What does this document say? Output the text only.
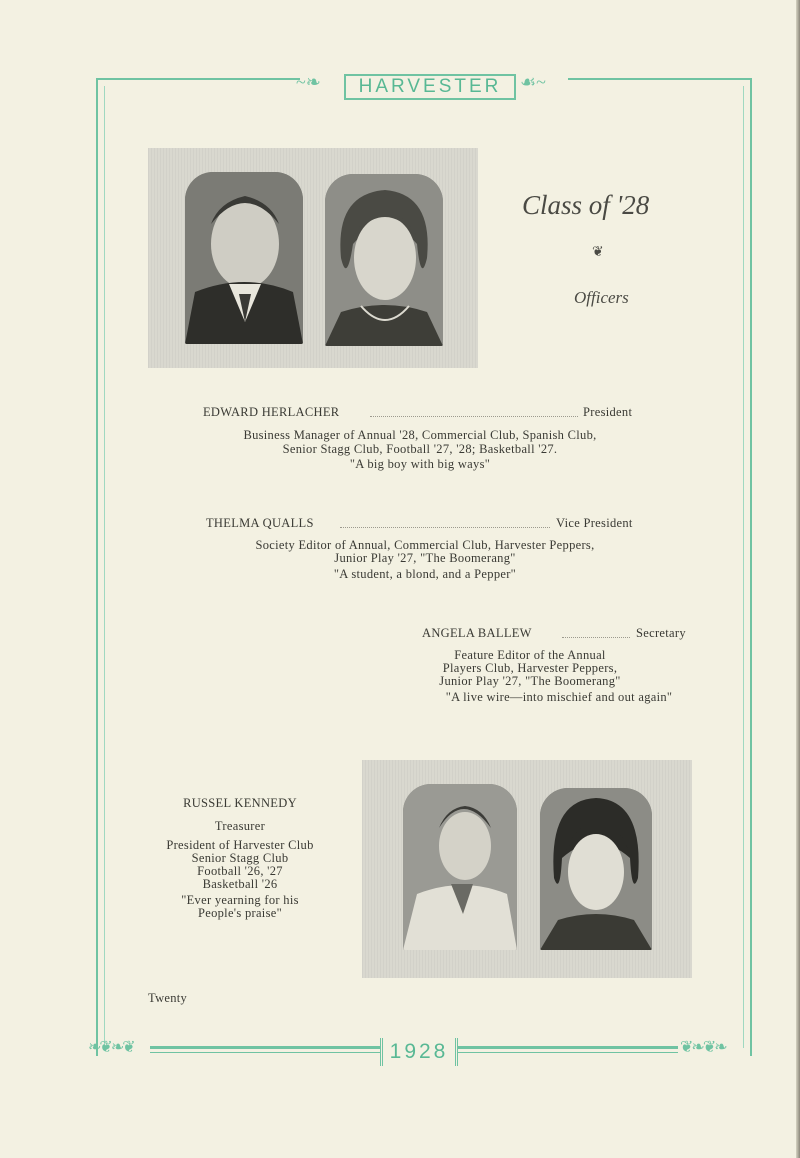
~❧	HARVESTER	☙~
❧❦❧❦	❦❧❦❧
1928
Class of '28
❦
Officers
EDWARD HERLACHER	President
Business Manager of Annual '28, Commercial Club, Spanish Club,
Senior Stagg Club, Football '27, '28; Basketball '27.
"A big boy with big ways"
THELMA QUALLS	Vice President
Society Editor of Annual, Commercial Club, Harvester Peppers,
Junior Play '27, "The Boomerang"
"A student, a blond, and a Pepper"
ANGELA BALLEW	Secretary
Feature Editor of the Annual
Players Club, Harvester Peppers,
Junior Play '27, "The Boomerang"
"A live wire—into mischief and out again"
RUSSEL KENNEDY
Treasurer
President of Harvester Club
Senior Stagg Club
Football '26, '27
Basketball '26
"Ever yearning for his
People's praise"
Twenty
